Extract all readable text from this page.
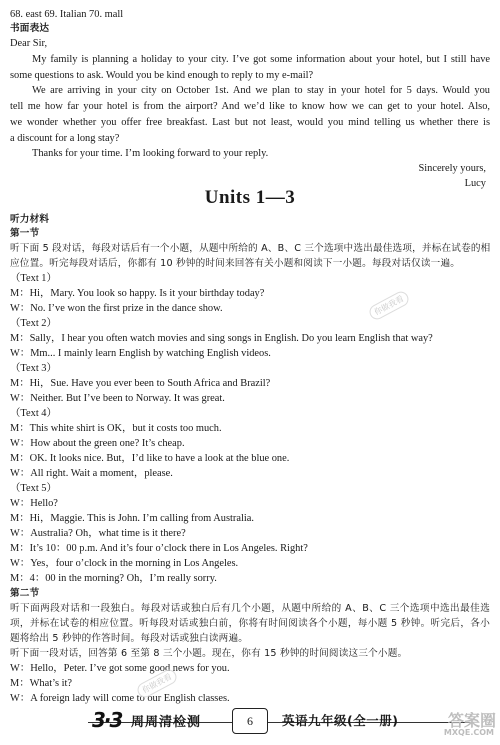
68. east 69. Italian 70. mall
书面表达
Dear Sir,
My family is planning a holiday to your city. I’ve got some information about your hotel, but I still have
some questions to ask. Would you be kind enough to reply to my e-mail?
We are arriving in your city on October 1st. And we plan to stay in your hotel for 5 days. Would you
tell me how far your hotel is from the airport? And we’d like to know how we can get to your hotel. Also,
we wonder whether you offer free breakfast. Last but not least, would you mind telling us whether there is
a discount for a long stay?
Thanks for your time. I’m looking forward to your reply.
Sincerely yours,
Lucy
Units 1—3
听力材料
第一节
听下面 5 段对话，每段对话后有一个小题，从题中所给的 A、B、C 三个选项中选出最佳选项，并标在试卷的相
应位置。听完每段对话后，你都有 10 秒钟的时间来回答有关小题和阅读下一小题。每段对话仅读一遍。
（Text 1）
M：Hi，Mary. You look so happy. Is it your birthday today?
W：No. I’ve won the first prize in the dance show.
（Text 2）
M：Sally，I hear you often watch movies and sing songs in English. Do you learn English that way?
W：Mm... I mainly learn English by watching English videos.
（Text 3）
M：Hi，Sue. Have you ever been to South Africa and Brazil?
W：Neither. But I’ve been to Norway. It was great.
（Text 4）
M：This white shirt is OK，but it costs too much.
W：How about the green one? It’s cheap.
M：OK. It looks nice. But，I’d like to have a look at the blue one.
W：All right. Wait a moment，please.
（Text 5）
W：Hello?
M：Hi，Maggie. This is John. I’m calling from Australia.
W：Australia? Oh，what time is it there?
M：It’s 10：00 p.m. And it’s four o’clock there in Los Angeles. Right?
W：Yes，four o’clock in the morning in Los Angeles.
M：4：00 in the morning? Oh，I’m really sorry.
第二节
听下面两段对话和一段独白。每段对话或独白后有几个小题，从题中所给的 A、B、C 三个选项中选出最佳选
项，并标在试卷的相应位置。听每段对话或独白前，你将有时间阅读各个小题，每小题 5 秒钟。听完后，各小
题将给出 5 秒钟的作答时间。每段对话或独白读两遍。
听下面一段对话，回答第 6 至第 8 三个小题。现在，你有 15 秒钟的时间阅读这三个小题。
W：Hello，Peter. I’ve got some good news for you.
M：What’s it?
W：A foreign lady will come to our English classes.
你做我看
你做我看
3·3 周周清检测	6	英语九年级(全一册)	答案圈
MXQE.COM
